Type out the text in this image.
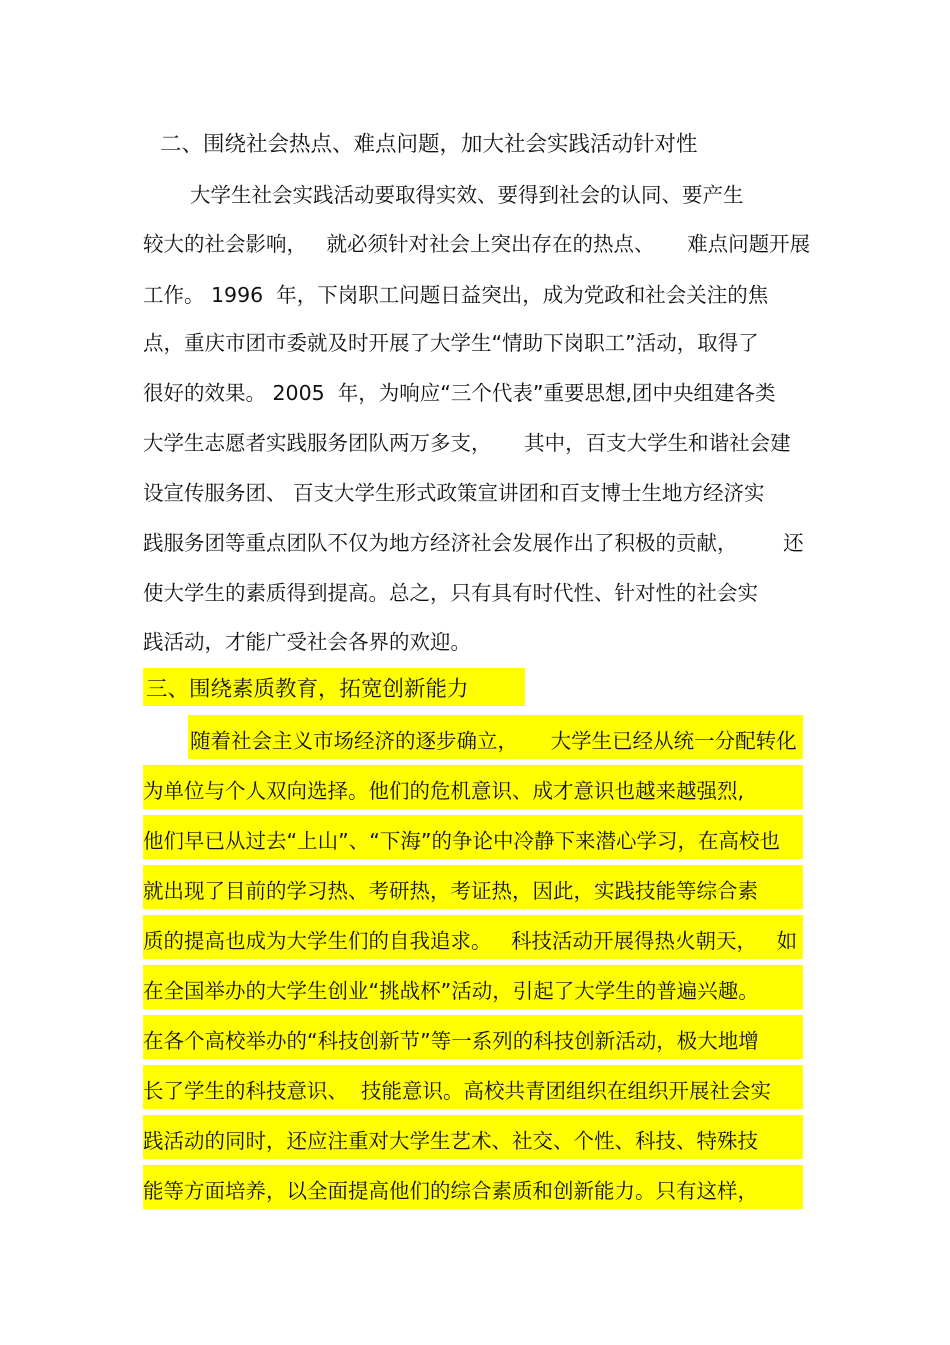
二、围绕社会热点、难点问题，加大社会实践活动针对性
大学生社会实践活动要取得实效、要得到社会的认同、要产生
较大的社会影响，   就必须针对社会上突出存在的热点、     难点问题开展
工作。 1996  年，下岗职工问题日益突出，成为党政和社会关注的焦
点，重庆市团市委就及时开展了大学生“情助下岗职工”活动，取得了
很好的效果。 2005  年，为响应“三个代表”重要思想,团中央组建各类
大学生志愿者实践服务团队两万多支，     其中，百支大学生和谐社会建
设宣传服务团、 百支大学生形式政策宣讲团和百支博士生地方经济实
践服务团等重点团队不仅为地方经济社会发展作出了积极的贡献，       还
使大学生的素质得到提高。总之，只有具有时代性、针对性的社会实
践活动，才能广受社会各界的欢迎。
三、围绕素质教育，拓宽创新能力
随着社会主义市场经济的逐步确立，     大学生已经从统一分配转化
为单位与个人双向选择。他们的危机意识、成才意识也越来越强烈,
他们早已从过去“上山”、“下海”的争论中冷静下来潜心学习，在高校也
就出现了目前的学习热、考研热，考证热，因此，实践技能等综合素
质的提高也成为大学生们的自我追求。   科技活动开展得热火朝天，   如
在全国举办的大学生创业“挑战杯”活动，引起了大学生的普遍兴趣。
在各个高校举办的“科技创新节”等一系列的科技创新活动，极大地增
长了学生的科技意识、  技能意识。高校共青团组织在组织开展社会实
践活动的同时，还应注重对大学生艺术、社交、个性、科技、特殊技
能等方面培养，以全面提高他们的综合素质和创新能力。只有这样，
